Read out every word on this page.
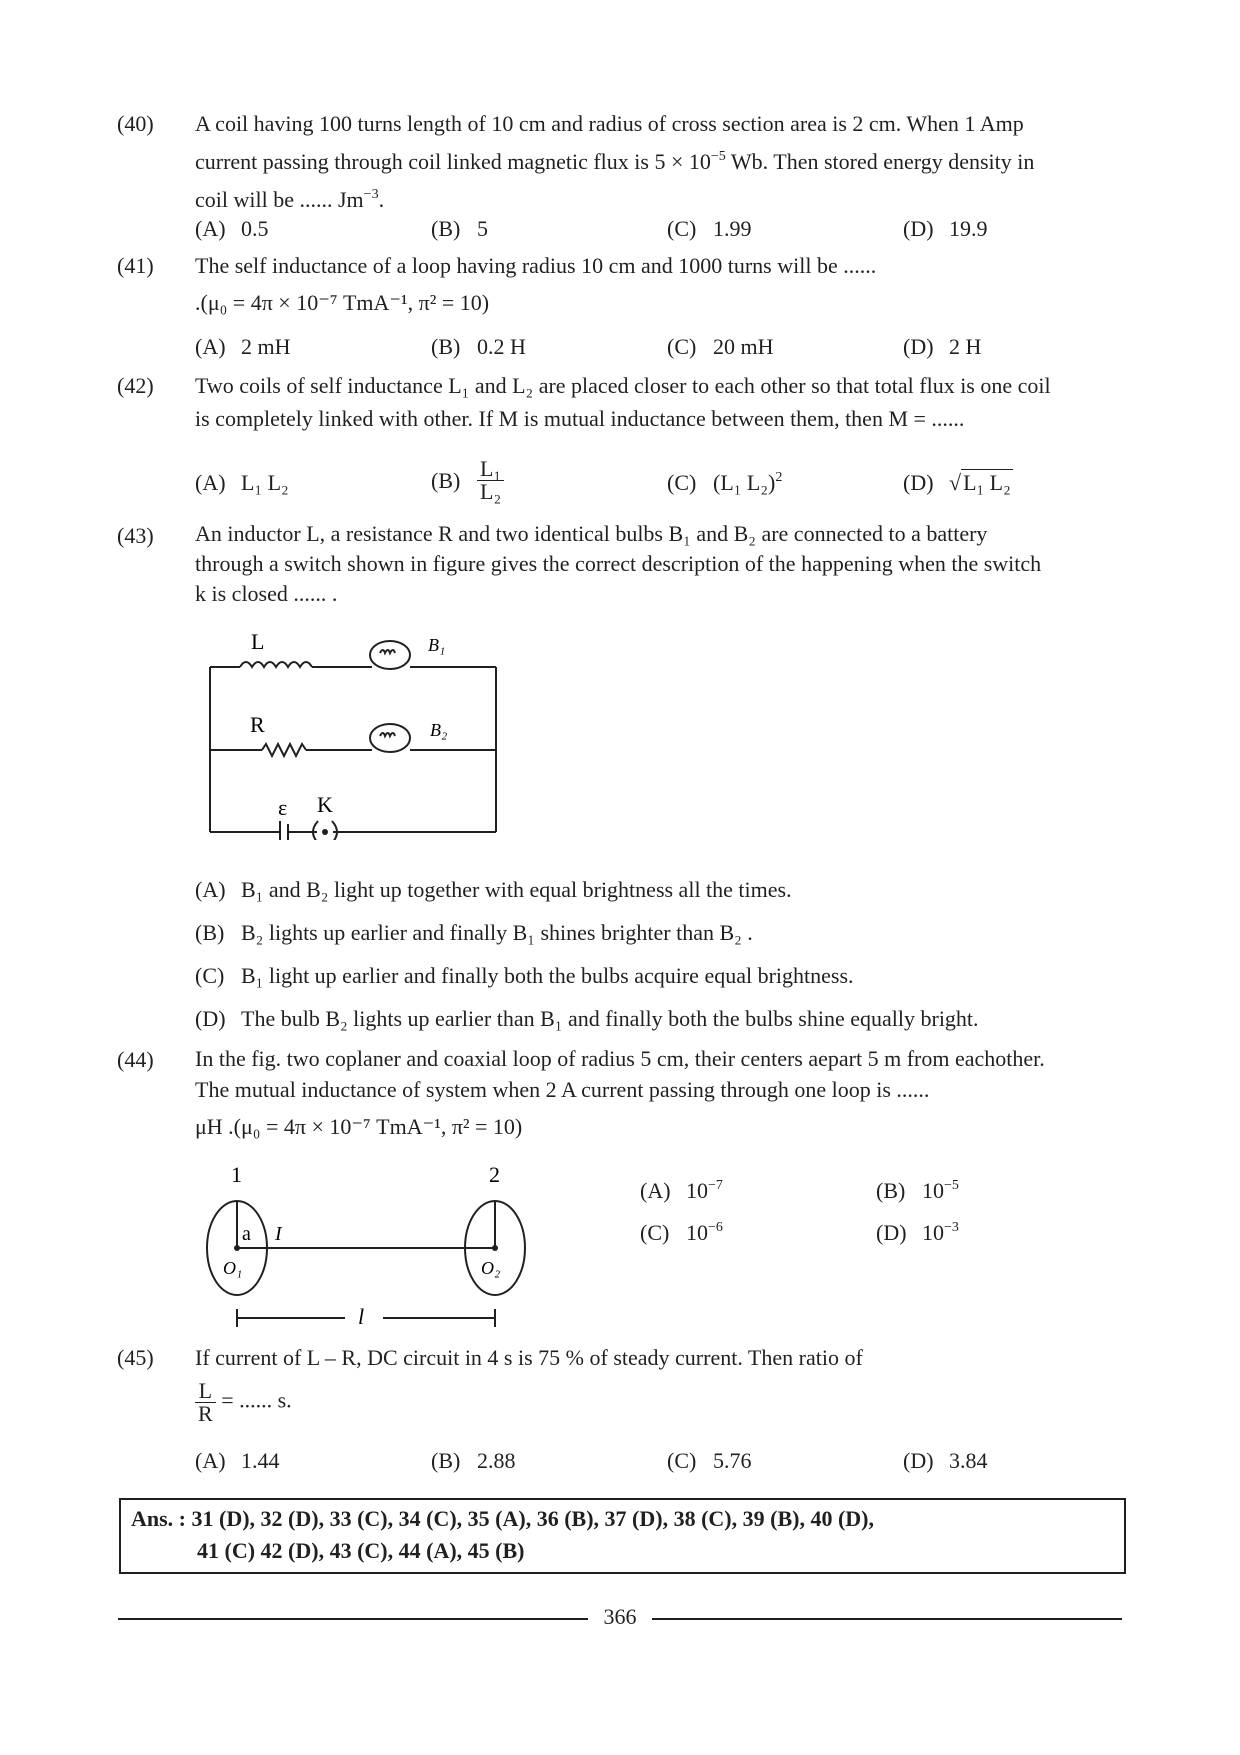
(40) A coil having 100 turns length of 10 cm and radius of cross section area is 2 cm. When 1 Amp
current passing through coil linked magnetic flux is $5 \times 10^{-5}$ Wb. Then stored energy density in
coil will be ...... $Jm^{-3}$.
(A) 0.5	(B) 5	(C) 1.99	(D) 19.9
(41) The self inductance of a loop having radius 10 cm and 1000 turns will be ......
.(μ₀ = 4π × 10⁻⁷ TmA⁻¹, π² = 10)
(A) 2 mH	(B) 0.2 H	(C) 20 mH	(D) 2 H
(42) Two coils of self inductance L₁ and L₂ are placed closer to each other so that total flux is one coil
is completely linked with other. If M is mutual inductance between them, then M = ......
(A) L₁ L₂	$(B) \frac{\text{L₁}}{\text{L₂}}$	(C) (L₁ L₂)$^2$	(D) √L₁ L₂
(43) An inductor L, a resistance R and two identical bulbs B₁ and B₂ are connected to a battery
through a switch shown in figure gives the correct description of the happening when the switch
k is closed ...... .
L	B₁
R	B₂
ε K
(A) B₁ and B₂ light up together with equal brightness all the times.
(B) B₂ lights up earlier and finally B₁ shines brighter than B₂ .
(C) B₁ light up earlier and finally both the bulbs acquire equal brightness.
(D) The bulb B₂ lights up earlier than B₁ and finally both the bulbs shine equally bright.
(44) In the fig. two coplaner and coaxial loop of radius 5 cm, their centers aepart 5 m from eachother.
The mutual inductance of system when 2 A current passing through one loop is ......
μH .(μ₀ = 4π × 10⁻⁷ TmA⁻¹, π² = 10)
1	2
a I
O₁	O₂
l
(A) $10^{-7}$	(B) $10^{-5}$
(C) $10^{-6}$	(D) $10^{-3}$
(45) If current of L – R, DC circuit in 4 s is 75 % of steady current. Then ratio of
$\frac{L}{R}$ = ...... s.
(A) 1.44	(B) 2.88	(C) 5.76	(D) 3.84
Ans. : 31 (D), 32 (D), 33 (C), 34 (C), 35 (A), 36 (B), 37 (D), 38 (C), 39 (B), 40 (D),
41 (C) 42 (D), 43 (C), 44 (A), 45 (B)
366
